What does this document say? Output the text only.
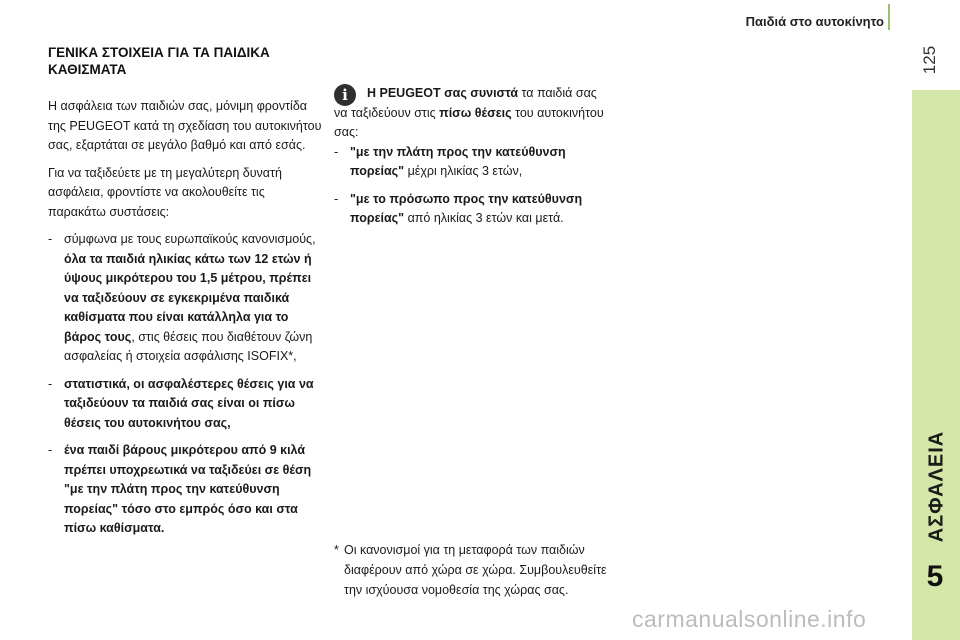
Παιδιά στο αυτοκίνητο
125
ΑΣΦΑΛΕΙΑ
5
ΓΕΝΙΚΑ ΣΤΟΙΧΕΙΑ ΓΙΑ ΤΑ ΠΑΙΔΙΚΑ ΚΑΘΙΣΜΑΤΑ

Η ασφάλεια των παιδιών σας, μόνιμη φροντίδα της PEUGEOT κατά τη σχεδίαση του αυτοκινήτου σας, εξαρτάται σε μεγάλο βαθμό και από εσάς.

Για να ταξιδεύετε με τη μεγαλύτερη δυνατή ασφάλεια, φροντίστε να ακολουθείτε τις παρακάτω συστάσεις:

- σύμφωνα με τους ευρωπαϊκούς κανονισμούς, όλα τα παιδιά ηλικίας κάτω των 12 ετών ή ύψους μικρότερου του 1,5 μέτρου, πρέπει να ταξιδεύουν σε εγκεκριμένα παιδικά καθίσματα που είναι κατάλληλα για το βάρος τους, στις θέσεις που διαθέτουν ζώνη ασφαλείας ή στοιχεία ασφάλισης ISOFIX*,
- στατιστικά, οι ασφαλέστερες θέσεις για να ταξιδεύουν τα παιδιά σας είναι οι πίσω θέσεις του αυτοκινήτου σας,
- ένα παιδί βάρους μικρότερου από 9 κιλά πρέπει υποχρεωτικά να ταξιδεύει σε θέση "με την πλάτη προς την κατεύθυνση πορείας" τόσο στο εμπρός όσο και στα πίσω καθίσματα.
i	Η PEUGEOT σας συνιστά τα παιδιά σας να ταξιδεύουν στις πίσω θέσεις του αυτοκινήτου σας:

- "με την πλάτη προς την κατεύθυνση πορείας" μέχρι ηλικίας 3 ετών,
- "με το πρόσωπο προς την κατεύθυνση πορείας" από ηλικίας 3 ετών και μετά.
* Οι κανονισμοί για τη μεταφορά των παιδιών διαφέρουν από χώρα σε χώρα. Συμβουλευθείτε την ισχύουσα νομοθεσία της χώρας σας.
carmanualsonline.info
